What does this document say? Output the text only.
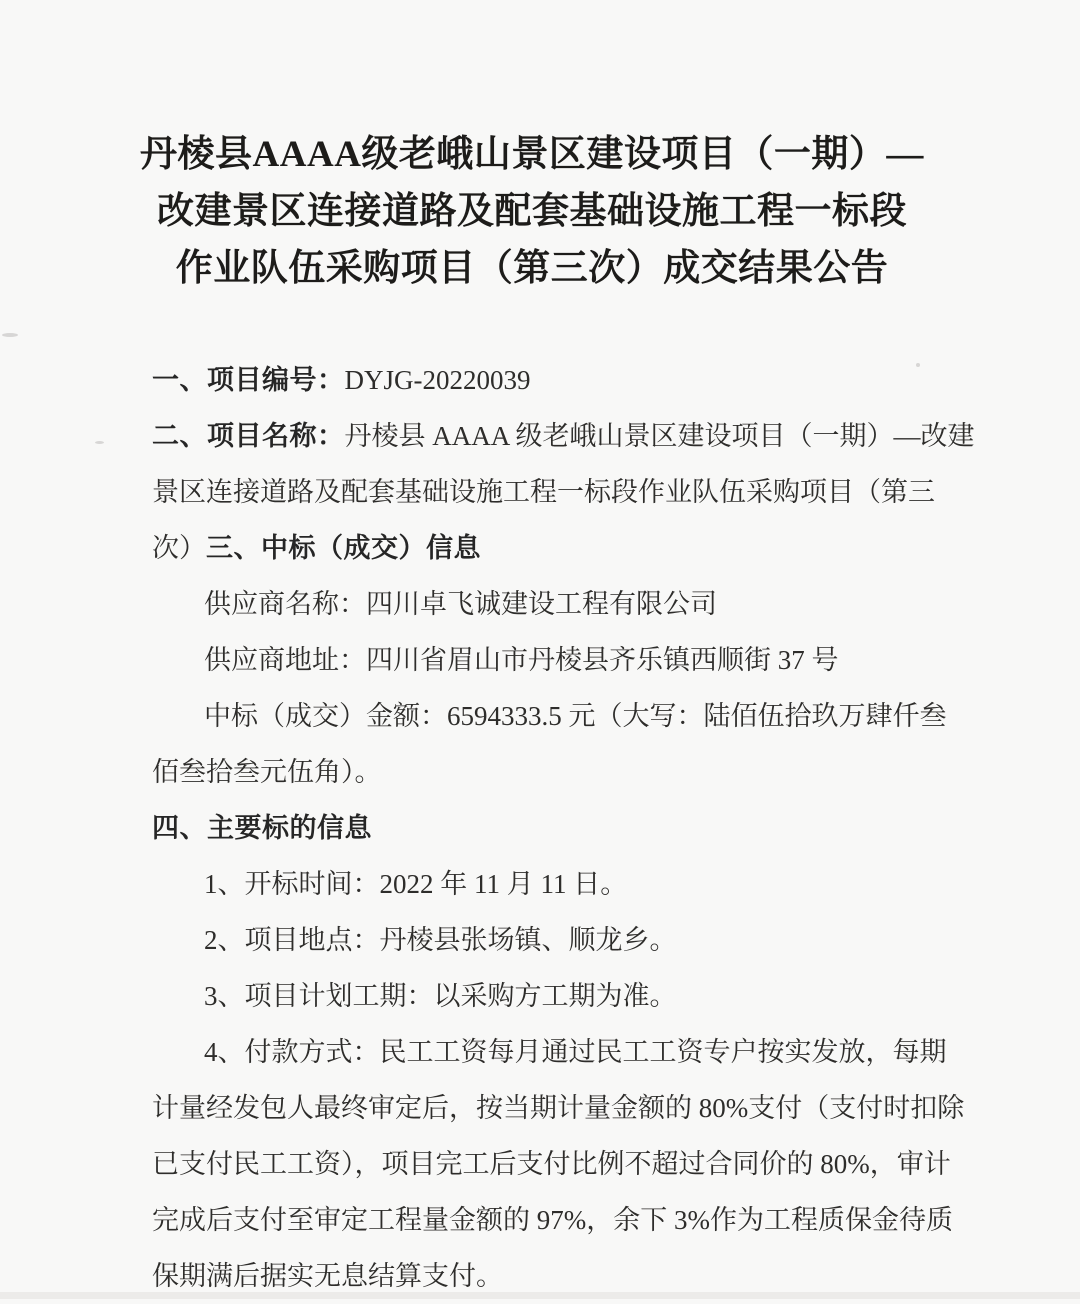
丹棱县AAAA级老峨山景区建设项目（一期）—
改建景区连接道路及配套基础设施工程一标段
作业队伍采购项目（第三次）成交结果公告
一、项目编号：DYJG-20220039
二、项目名称：丹棱县 AAAA 级老峨山景区建设项目（一期）—改建
景区连接道路及配套基础设施工程一标段作业队伍采购项目（第三
次）三、中标（成交）信息
供应商名称：四川卓飞诚建设工程有限公司
供应商地址：四川省眉山市丹棱县齐乐镇西顺街 37 号
中标（成交）金额：6594333.5 元（大写：陆佰伍拾玖万肆仟叁
佰叁拾叁元伍角）。
四、主要标的信息
1、开标时间：2022 年 11 月 11 日。
2、项目地点：丹棱县张场镇、顺龙乡。
3、项目计划工期：以采购方工期为准。
4、付款方式：民工工资每月通过民工工资专户按实发放，每期
计量经发包人最终审定后，按当期计量金额的 80%支付（支付时扣除
已支付民工工资），项目完工后支付比例不超过合同价的 80%，审计
完成后支付至审定工程量金额的 97%，余下 3%作为工程质保金待质
保期满后据实无息结算支付。
